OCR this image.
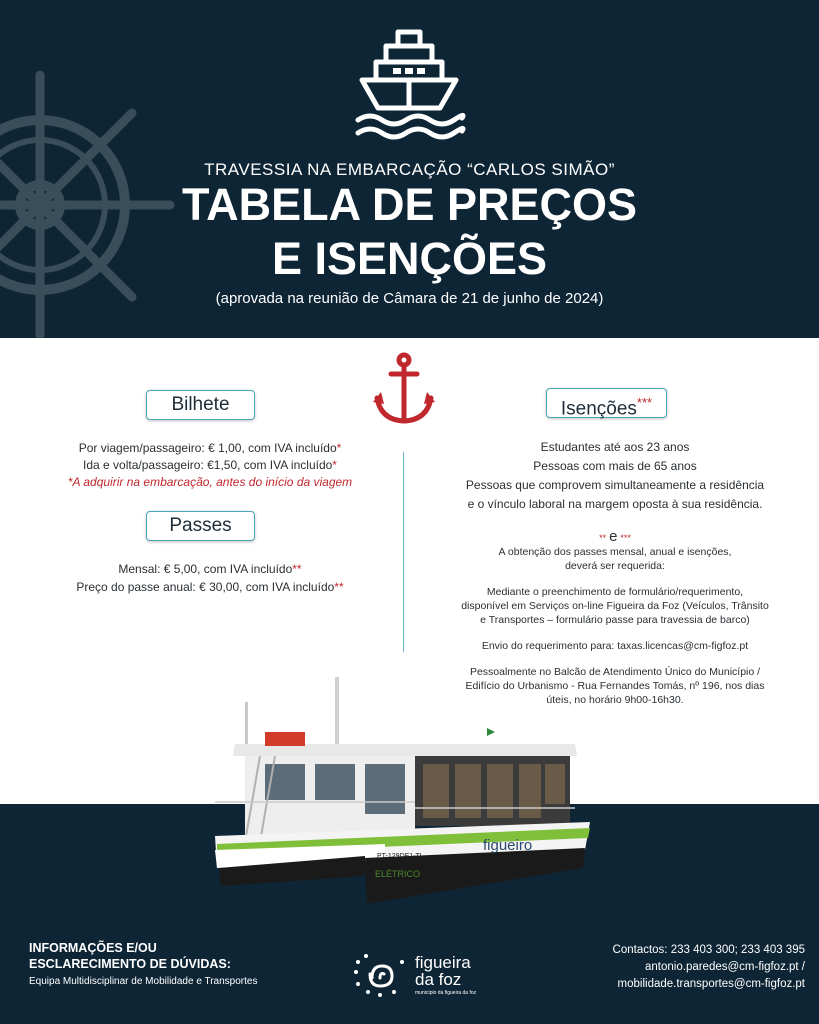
TRAVESSIA NA EMBARCAÇÃO “CARLOS SIMÃO”
TABELA DE PREÇOS
E ISENÇÕES
(aprovada na reunião de Câmara de 21 de junho de 2024)
Bilhete
Por viagem/passageiro: € 1,00, com IVA incluído*
Ida e volta/passageiro: €1,50, com IVA incluído*
*A adquirir na embarcação, antes do início da viagem
Passes
Mensal: € 5,00, com IVA incluído**
Preço do passe anual: € 30,00, com IVA incluído**
Isenções***
Estudantes até aos 23 anos
Pessoas com mais de 65 anos
Pessoas que comprovem simultaneamente a residência
e o vínculo laboral na margem oposta à sua residência.
** e ***
A obtenção dos passes mensal, anual e isenções,
deverá ser requerida:
Mediante o preenchimento de formulário/requerimento,
disponível em Serviços on-line Figueira da Foz (Veículos, Trânsito
e Transportes – formulário passe para travessia de barco)
Envio do requerimento para: taxas.licencas@cm-figfoz.pt
Pessoalmente no Balcão de Atendimento Único do Município /
Edifício do Urbanismo - Rua Fernandes Tomás, nº 196, nos dias
úteis, no horário 9h00-16h30.
figueiro
ELÉTRICO
PT-129DE1-TL
INFORMAÇÕES E/OU
ESCLARECIMENTO DE DÚVIDAS:
Equipa Multidisciplinar de Mobilidade e Transportes
figueira
da foz
município da figueira da foz
Contactos: 233 403 300; 233 403 395
antonio.paredes@cm-figfoz.pt /
mobilidade.transportes@cm-figfoz.pt
